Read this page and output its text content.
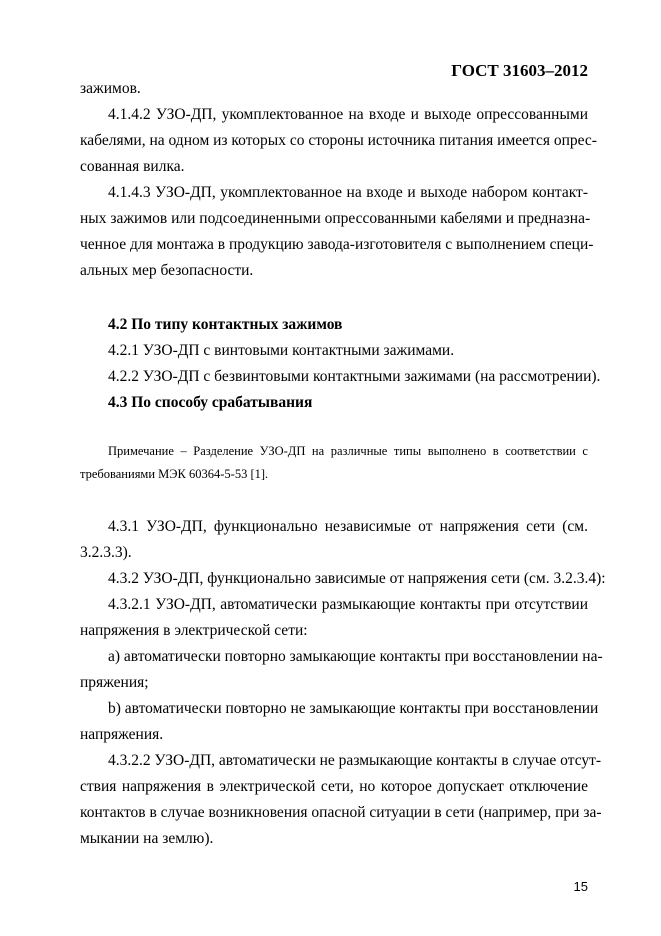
ГОСТ 31603–2012
зажимов.
4.1.4.2 УЗО-ДП, укомплектованное на входе и выходе опрессованными
кабелями, на одном из которых со стороны источника питания имеется опрес-
сованная вилка.
4.1.4.3 УЗО-ДП, укомплектованное на входе и выходе набором контакт-
ных зажимов или подсоединенными опрессованными кабелями и предназна-
ченное для монтажа в продукцию завода-изготовителя с выполнением специ-
альных мер безопасности.
4.2 По типу контактных зажимов
4.2.1 УЗО-ДП с винтовыми контактными зажимами.
4.2.2 УЗО-ДП с безвинтовыми контактными зажимами (на рассмотрении).
4.3 По способу срабатывания
Примечание – Разделение УЗО-ДП на различные типы выполнено в соответствии с
требованиями МЭК 60364-5-53 [1].
4.3.1 УЗО-ДП, функционально независимые от напряжения сети (см.
3.2.3.3).
4.3.2 УЗО-ДП, функционально зависимые от напряжения сети (см. 3.2.3.4):
4.3.2.1 УЗО-ДП, автоматически размыкающие контакты при отсутствии
напряжения в электрической сети:
a) автоматически повторно замыкающие контакты при восстановлении на-
пряжения;
b) автоматически повторно не замыкающие контакты при восстановлении
напряжения.
4.3.2.2 УЗО-ДП, автоматически не размыкающие контакты в случае отсут-
ствия напряжения в электрической сети, но которое допускает отключение
контактов в случае возникновения опасной ситуации в сети (например, при за-
мыкании на землю).
15
